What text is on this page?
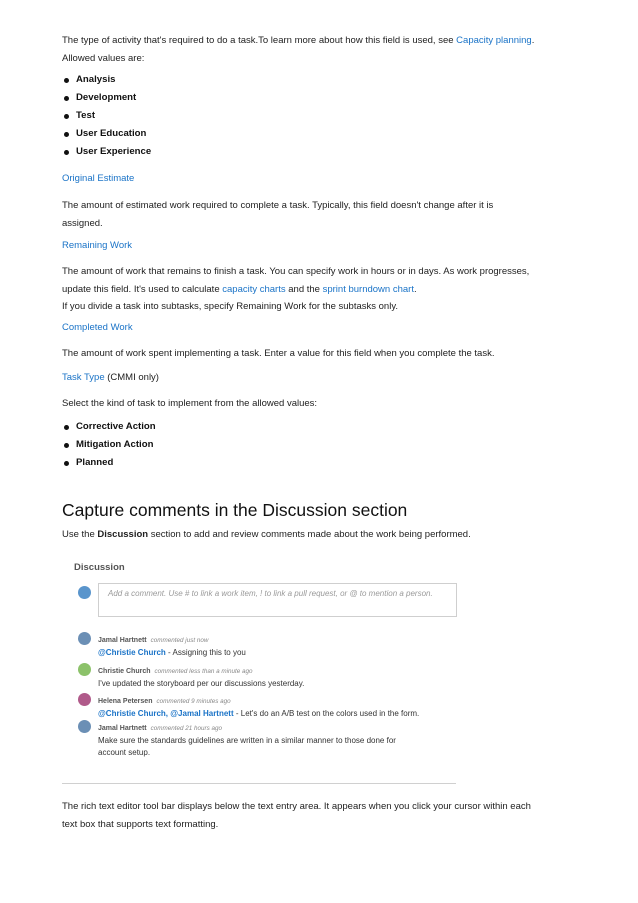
The type of activity that's required to do a task.To learn more about how this field is used, see Capacity planning.
Allowed values are:

Analysis
Development
Test
User Education
User Experience

Original Estimate

The amount of estimated work required to complete a task. Typically, this field doesn't change after it is
assigned.

Remaining Work

The amount of work that remains to finish a task. You can specify work in hours or in days. As work progresses,
update this field. It's used to calculate capacity charts and the sprint burndown chart.
If you divide a task into subtasks, specify Remaining Work for the subtasks only.

Completed Work

The amount of work spent implementing a task. Enter a value for this field when you complete the task.

Task Type (CMMI only)

Select the kind of task to implement from the allowed values:

Corrective Action
Mitigation Action
Planned
Capture comments in the Discussion section

Use the Discussion section to add and review comments made about the work being performed.

Discussion
Add a comment. Use # to link a work item, ! to link a pull request, or @ to mention a person.
Jamal Hartnett commented just now
@Christie Church - Assigning this to you
Christie Church commented less than a minute ago
I've updated the storyboard per our discussions yesterday.
Helena Petersen commented 9 minutes ago
@Christie Church, @Jamal Hartnett - Let's do an A/B test on the colors used in the form.
Jamal Hartnett commented 21 hours ago
Make sure the standards guidelines are written in a similar manner to those done for account setup.

The rich text editor tool bar displays below the text entry area. It appears when you click your cursor within each
text box that supports text formatting.
